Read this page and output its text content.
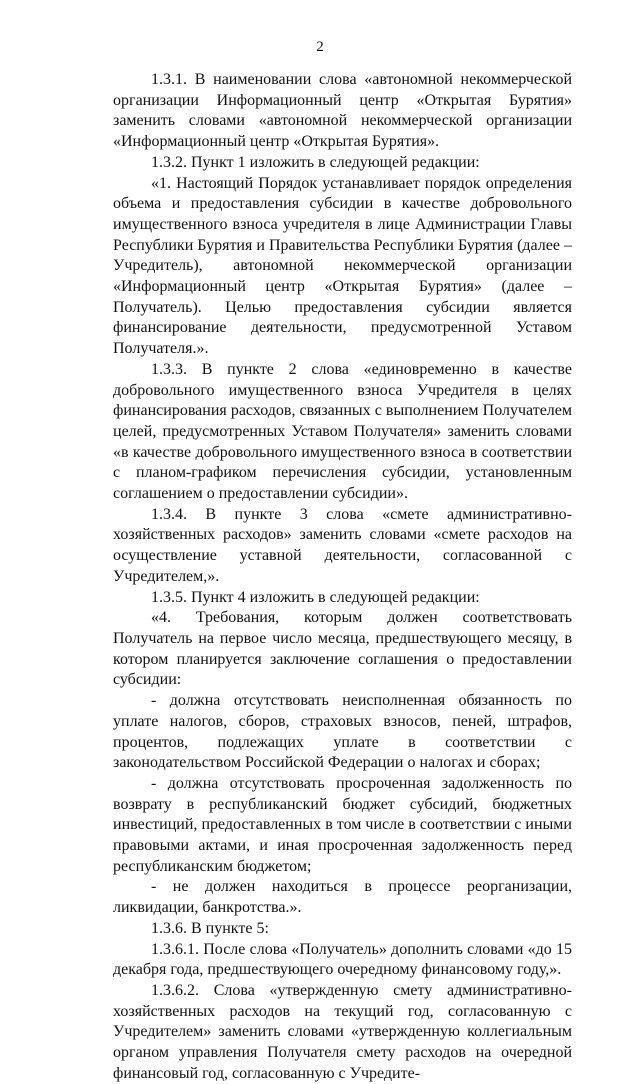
2

1.3.1. В наименовании слова «автономной некоммерческой организации Информационный центр «Открытая Бурятия» заменить словами «автономной некоммерческой организации «Информационный центр «Открытая Бурятия».

1.3.2. Пункт 1 изложить в следующей редакции:

«1. Настоящий Порядок устанавливает порядок определения объема и предоставления субсидии в качестве добровольного имущественного взноса учредителя в лице Администрации Главы Республики Бурятия и Правительства Республики Бурятия (далее – Учредитель), автономной некоммерческой организации «Информационный центр «Открытая Бурятия» (далее – Получатель). Целью предоставления субсидии является финансирование деятельности, предусмотренной Уставом Получателя.».

1.3.3. В пункте 2 слова «единовременно в качестве добровольного имущественного взноса Учредителя в целях финансирования расходов, связанных с выполнением Получателем целей, предусмотренных Уставом Получателя» заменить словами «в качестве добровольного имущественного взноса в соответствии с планом-графиком перечисления субсидии, установленным соглашением о предоставлении субсидии».

1.3.4. В пункте 3 слова «смете административно-хозяйственных расходов» заменить словами «смете расходов на осуществление уставной деятельности, согласованной с Учредителем,».

1.3.5. Пункт 4 изложить в следующей редакции:

«4. Требования, которым должен соответствовать Получатель на первое число месяца, предшествующего месяцу, в котором планируется заключение соглашения о предоставлении субсидии:

- должна отсутствовать неисполненная обязанность по уплате налогов, сборов, страховых взносов, пеней, штрафов, процентов, подлежащих уплате в соответствии с законодательством Российской Федерации о налогах и сборах;

- должна отсутствовать просроченная задолженность по возврату в республиканский бюджет субсидий, бюджетных инвестиций, предоставленных в том числе в соответствии с иными правовыми актами, и иная просроченная задолженность перед республиканским бюджетом;

- не должен находиться в процессе реорганизации, ликвидации, банкротства.».

1.3.6. В пункте 5:

1.3.6.1. После слова «Получатель» дополнить словами «до 15 декабря года, предшествующего очередному финансовому году,».

1.3.6.2. Слова «утвержденную смету административно-хозяйственных расходов на текущий год, согласованную с Учредителем» заменить словами «утвержденную коллегиальным органом управления Получателя смету расходов на очередной финансовый год, согласованную с Учредите-
